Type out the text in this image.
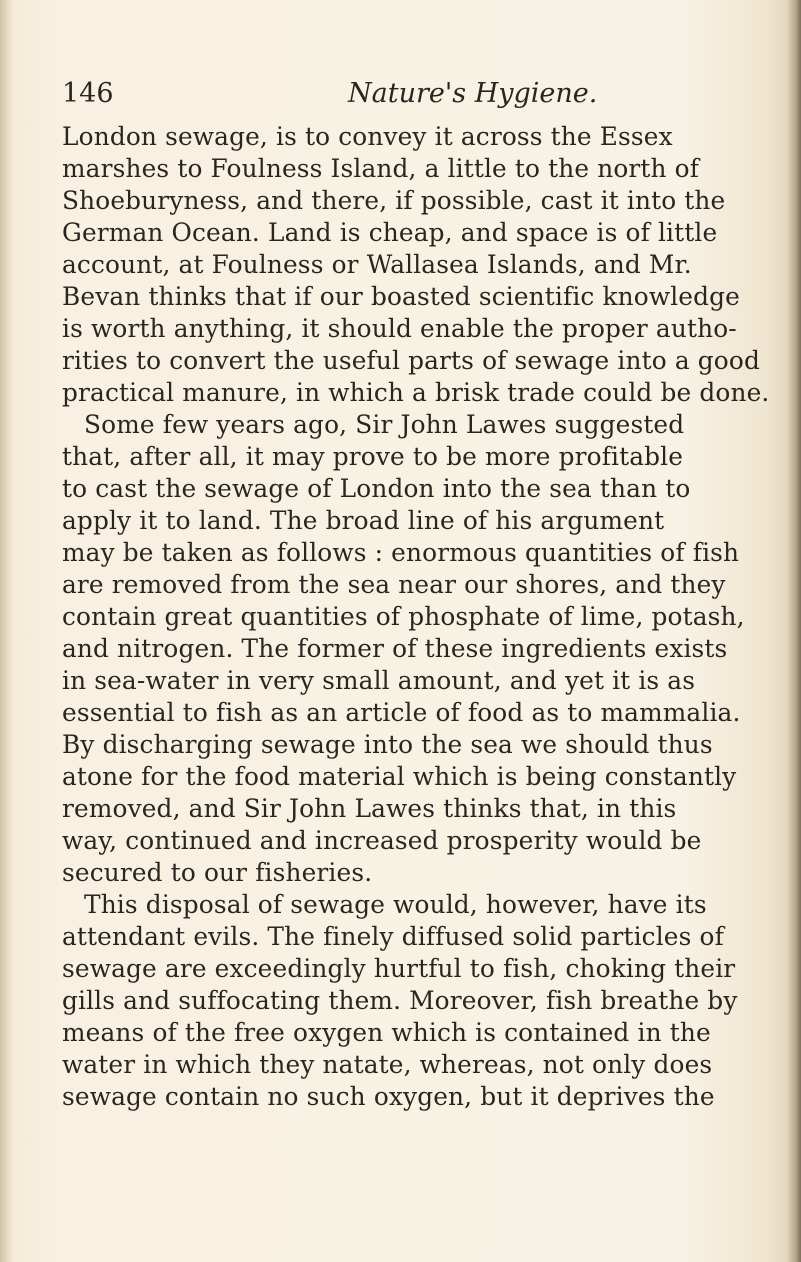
146	Nature's Hygiene.
London sewage, is to convey it across the Essex
marshes to Foulness Island, a little to the north of
Shoeburyness, and there, if possible, cast it into the
German Ocean. Land is cheap, and space is of little
account, at Foulness or Wallasea Islands, and Mr.
Bevan thinks that if our boasted scientific knowledge
is worth anything, it should enable the proper autho-
rities to convert the useful parts of sewage into a good
practical manure, in which a brisk trade could be done.
Some few years ago, Sir John Lawes suggested
that, after all, it may prove to be more profitable
to cast the sewage of London into the sea than to
apply it to land. The broad line of his argument
may be taken as follows : enormous quantities of fish
are removed from the sea near our shores, and they
contain great quantities of phosphate of lime, potash,
and nitrogen. The former of these ingredients exists
in sea-water in very small amount, and yet it is as
essential to fish as an article of food as to mammalia.
By discharging sewage into the sea we should thus
atone for the food material which is being constantly
removed, and Sir John Lawes thinks that, in this
way, continued and increased prosperity would be
secured to our fisheries.
This disposal of sewage would, however, have its
attendant evils. The finely diffused solid particles of
sewage are exceedingly hurtful to fish, choking their
gills and suffocating them. Moreover, fish breathe by
means of the free oxygen which is contained in the
water in which they natate, whereas, not only does
sewage contain no such oxygen, but it deprives the
